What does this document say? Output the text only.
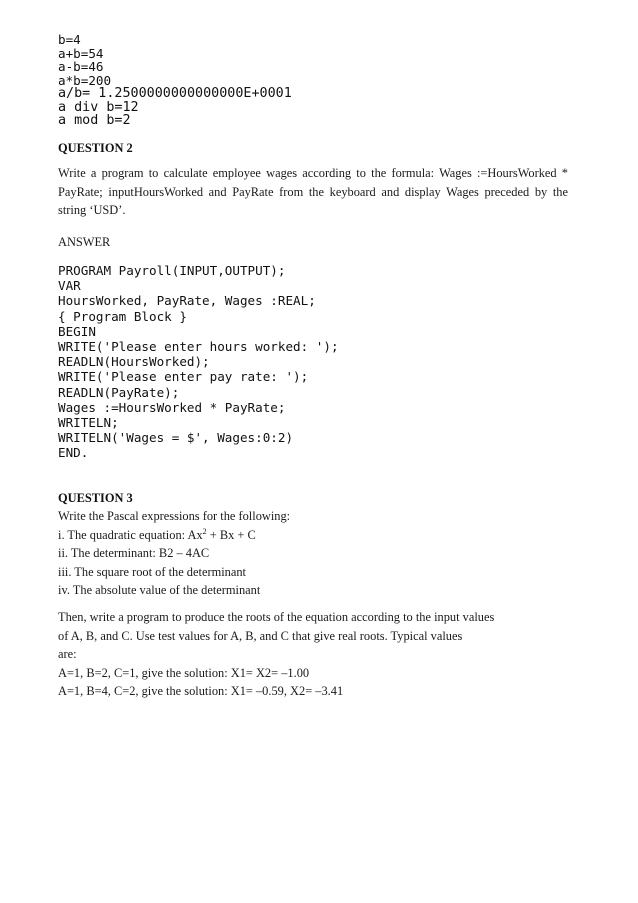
b=4
a+b=54
a-b=46
a*b=200
a/b= 1.2500000000000000E+0001
a div b=12
a mod b=2
QUESTION 2
Write a program to calculate employee wages according to the formula: Wages :=HoursWorked * PayRate; inputHoursWorked and PayRate from the keyboard and display Wages preceded by the string ‘USD’.
ANSWER
PROGRAM Payroll(INPUT,OUTPUT);
VAR
HoursWorked, PayRate, Wages :REAL;
{ Program Block }
BEGIN
WRITE('Please enter hours worked: ');
READLN(HoursWorked);
WRITE('Please enter pay rate: ');
READLN(PayRate);
Wages :=HoursWorked * PayRate;
WRITELN;
WRITELN('Wages = $', Wages:0:2)
END.
QUESTION 3
Write the Pascal expressions for the following:
i. The quadratic equation: $Ax^2 + Bx + C$
ii. The determinant: B2 – 4AC
iii. The square root of the determinant
iv. The absolute value of the determinant
Then, write a program to produce the roots of the equation according to the input values
of A, B, and C. Use test values for A, B, and C that give real roots. Typical values
are:
A=1, B=2, C=1, give the solution: X1= X2= –1.00
A=1, B=4, C=2, give the solution: X1= –0.59, X2= –3.41
